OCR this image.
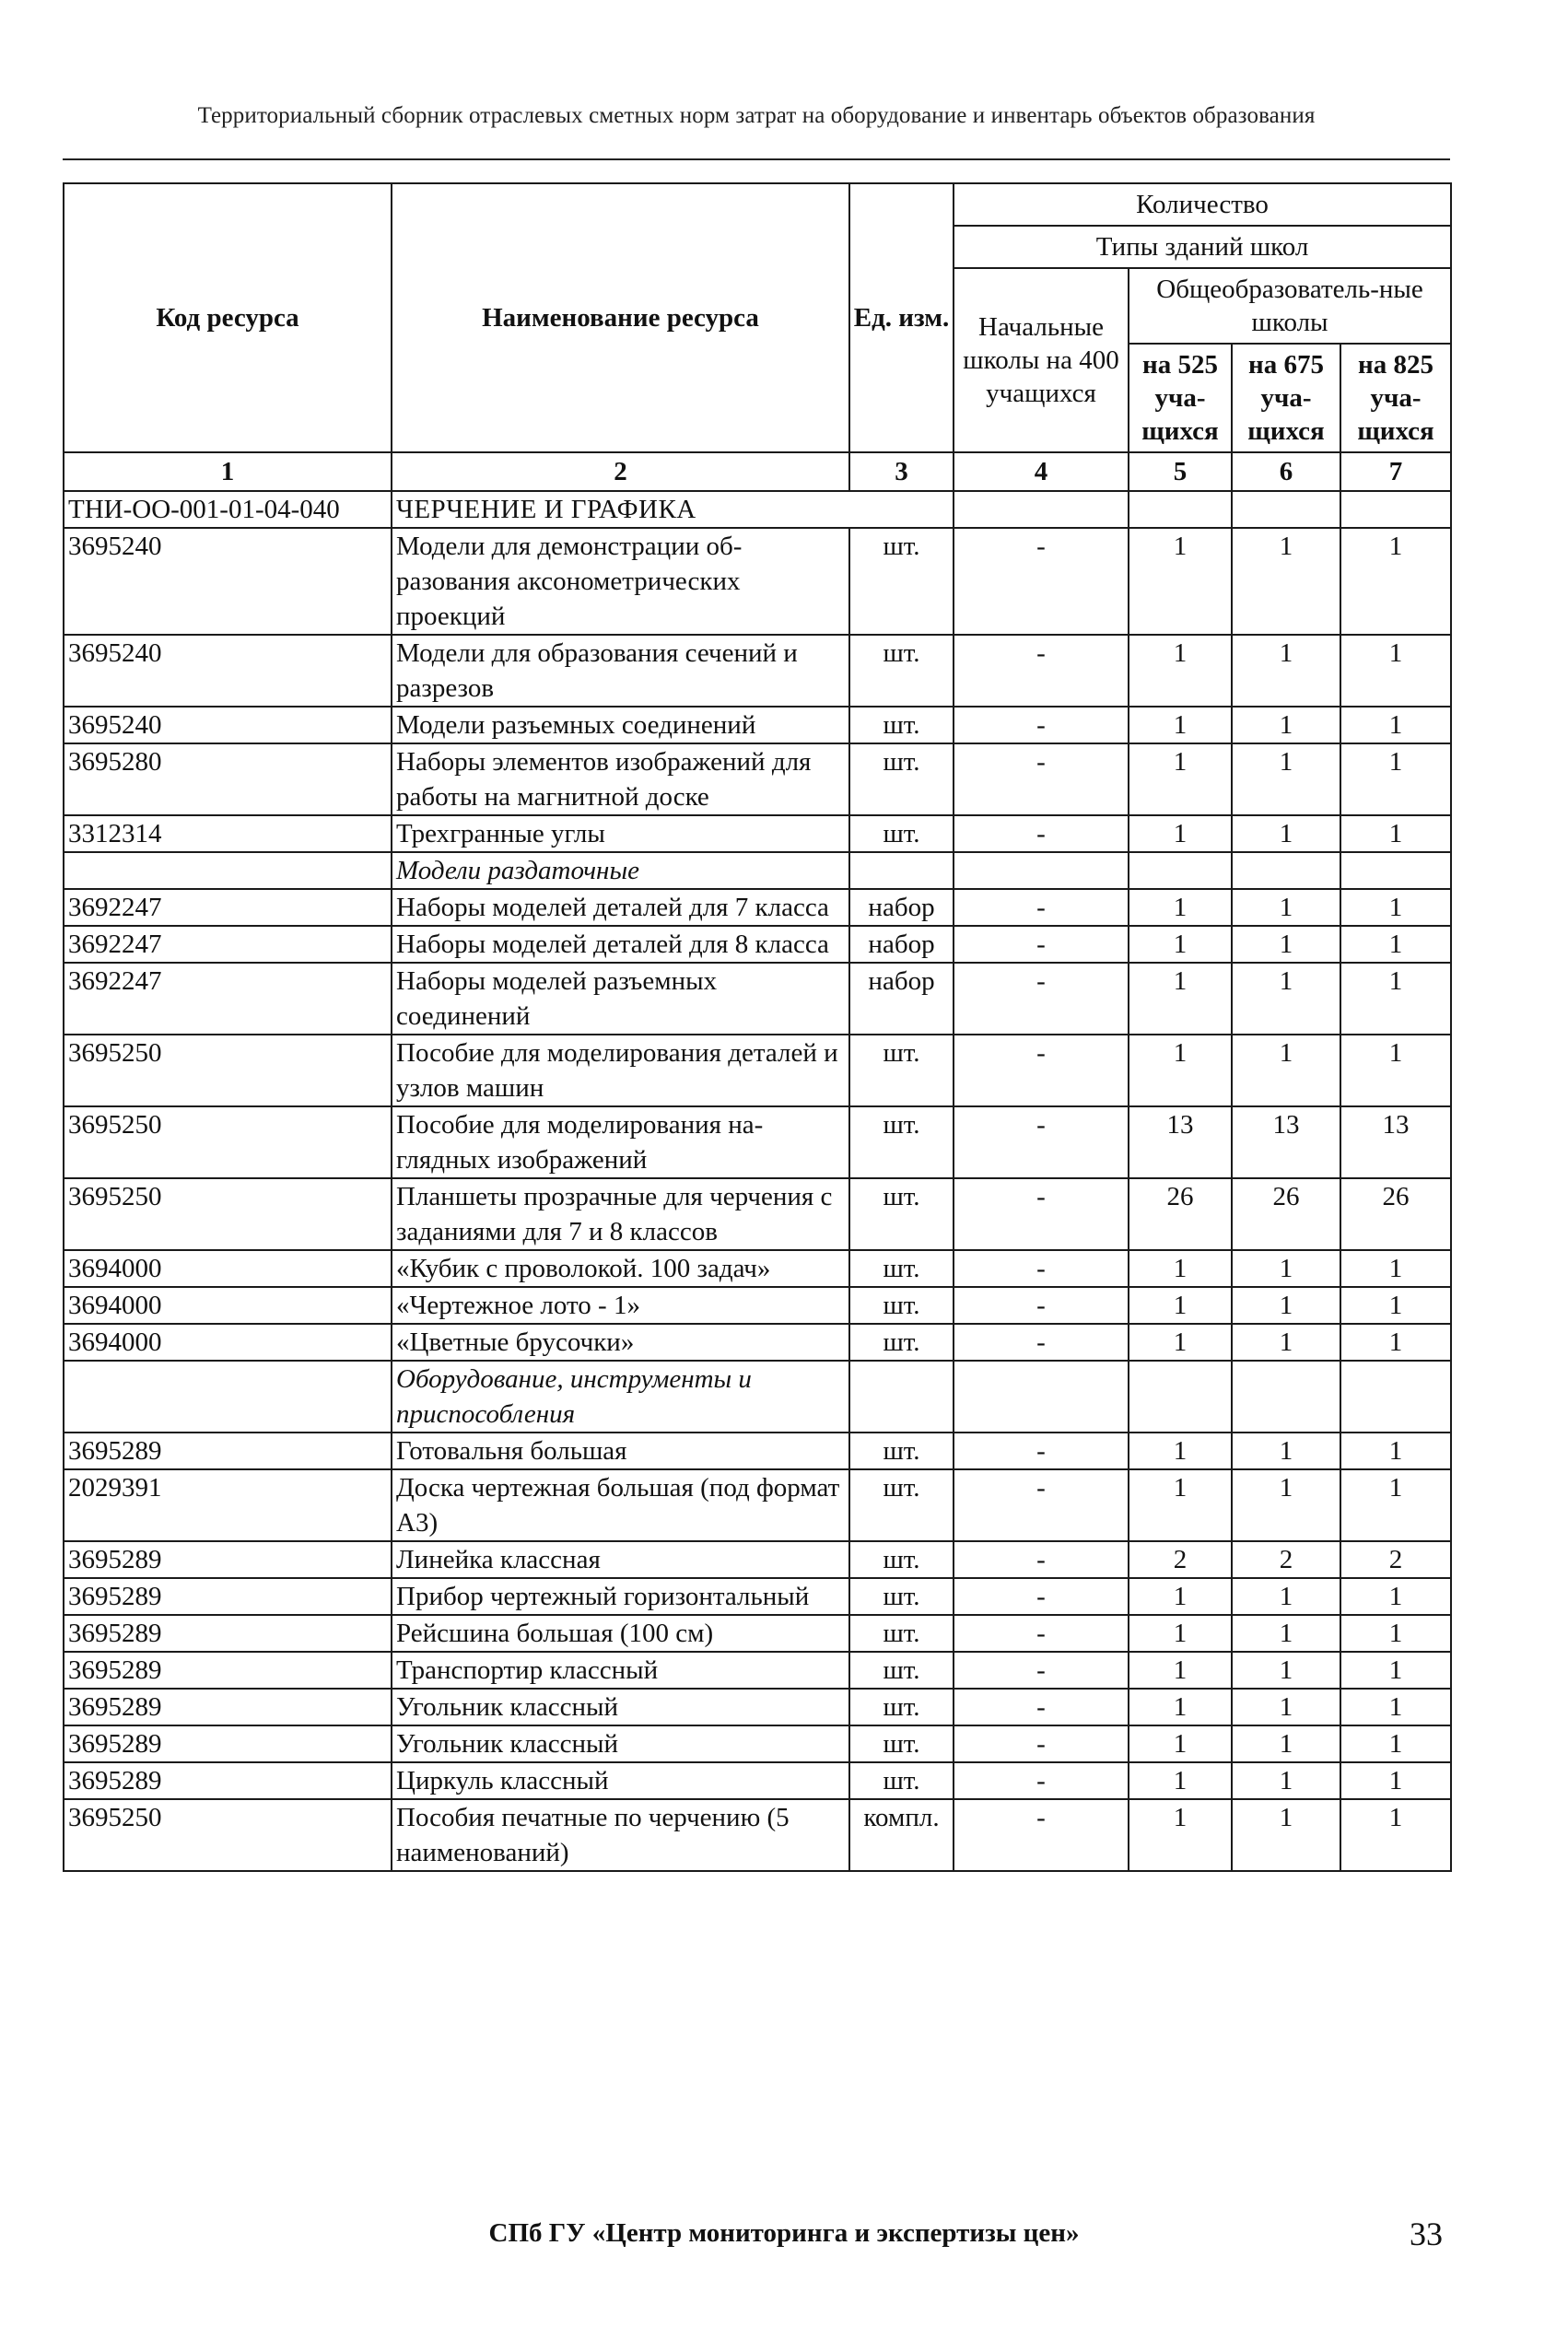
Территориальный сборник отраслевых сметных норм затрат на оборудование и инвентарь объектов образования
Код ресурса	Наименование ресурса	Ед. изм.	Количество			
			Типы зданий школ			
			Начальные школы на 400 учащихся	Общеобразователь-ные школы		
				на 525 уча-щихся	на 675 уча-щихся	на 825 уча-щихся
1	2	3	4	5	6	7
ТНИ-ОО-001-01-04-040	ЧЕРЧЕНИЕ И ГРАФИКА					
3695240	Модели для демонстрации об-разования аксонометрических проекций	шт.	-	1	1	1
3695240	Модели для образования сечений и разрезов	шт.	-	1	1	1
3695240	Модели разъемных соединений	шт.	-	1	1	1
3695280	Наборы элементов изображений для работы на магнитной доске	шт.	-	1	1	1
3312314	Трехгранные углы	шт.	-	1	1	1
	Модели раздаточные					
3692247	Наборы моделей деталей для 7 класса	набор	-	1	1	1
3692247	Наборы моделей деталей для 8 класса	набор	-	1	1	1
3692247	Наборы моделей разъемных соединений	набор	-	1	1	1
3695250	Пособие для моделирования деталей и узлов машин	шт.	-	1	1	1
3695250	Пособие для моделирования на-глядных изображений	шт.	-	13	13	13
3695250	Планшеты прозрачные для черчения с заданиями для 7 и 8 классов	шт.	-	26	26	26
3694000	«Кубик с проволокой. 100 задач»	шт.	-	1	1	1
3694000	«Чертежное лото - 1»	шт.	-	1	1	1
3694000	«Цветные брусочки»	шт.	-	1	1	1
	Оборудование, инструменты и приспособления					
3695289	Готовальня большая	шт.	-	1	1	1
2029391	Доска чертежная большая (под формат А3)	шт.	-	1	1	1
3695289	Линейка классная	шт.	-	2	2	2
3695289	Прибор чертежный горизонтальный	шт.	-	1	1	1
3695289	Рейсшина большая (100 см)	шт.	-	1	1	1
3695289	Транспортир классный	шт.	-	1	1	1
3695289	Угольник классный	шт.	-	1	1	1
3695289	Угольник классный	шт.	-	1	1	1
3695289	Циркуль классный	шт.	-	1	1	1
3695250	Пособия печатные по черчению (5 наименований)	компл.	-	1	1	1
СПб ГУ «Центр мониторинга и экспертизы цен»	33
